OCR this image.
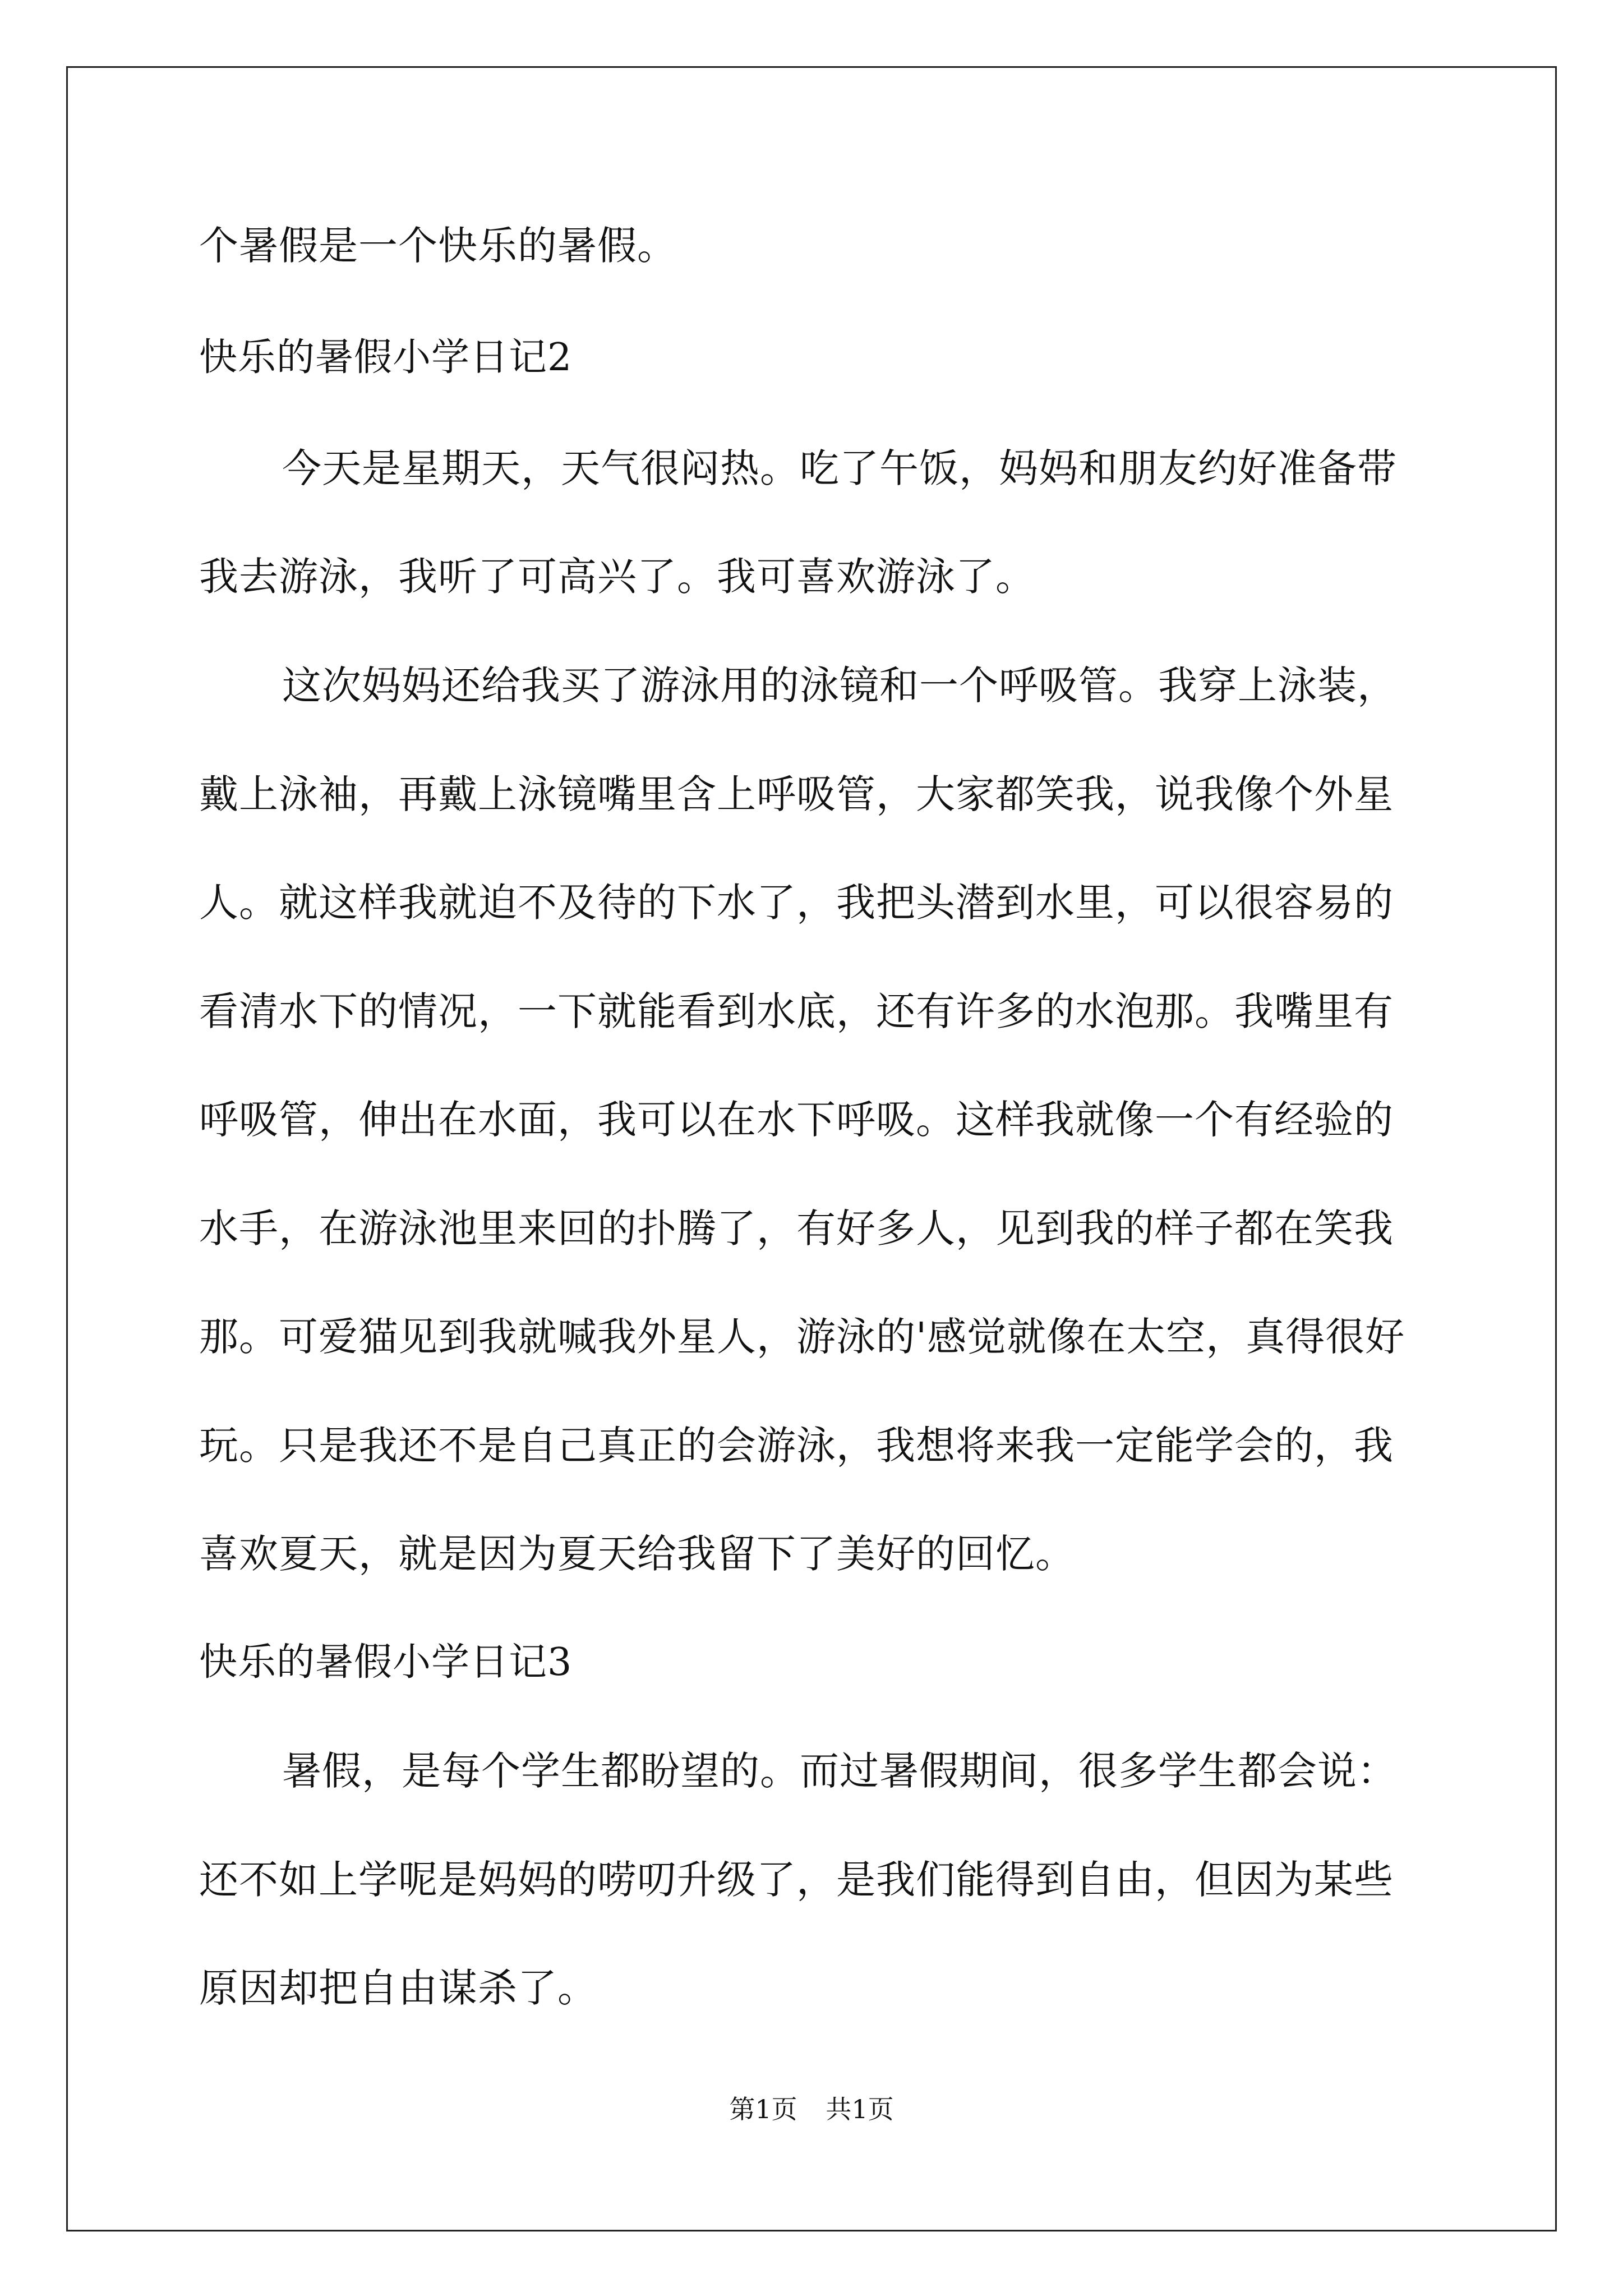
个暑假是一个快乐的暑假。

快乐的暑假小学日记2

今天是星期天，天气很闷热。吃了午饭，妈妈和朋友约好准备带

我去游泳，我听了可高兴了。我可喜欢游泳了。

这次妈妈还给我买了游泳用的泳镜和一个呼吸管。我穿上泳装，

戴上泳袖，再戴上泳镜嘴里含上呼吸管，大家都笑我，说我像个外星

人。就这样我就迫不及待的下水了，我把头潜到水里，可以很容易的

看清水下的情况，一下就能看到水底，还有许多的水泡那。我嘴里有

呼吸管，伸出在水面，我可以在水下呼吸。这样我就像一个有经验的

水手，在游泳池里来回的扑腾了，有好多人，见到我的样子都在笑我

那。可爱猫见到我就喊我外星人，游泳的'感觉就像在太空，真得很好

玩。只是我还不是自己真正的会游泳，我想将来我一定能学会的，我

喜欢夏天，就是因为夏天给我留下了美好的回忆。

快乐的暑假小学日记3

暑假，是每个学生都盼望的。而过暑假期间，很多学生都会说：

还不如上学呢是妈妈的唠叨升级了，是我们能得到自由，但因为某些

原因却把自由谋杀了。

第1页 共1页
